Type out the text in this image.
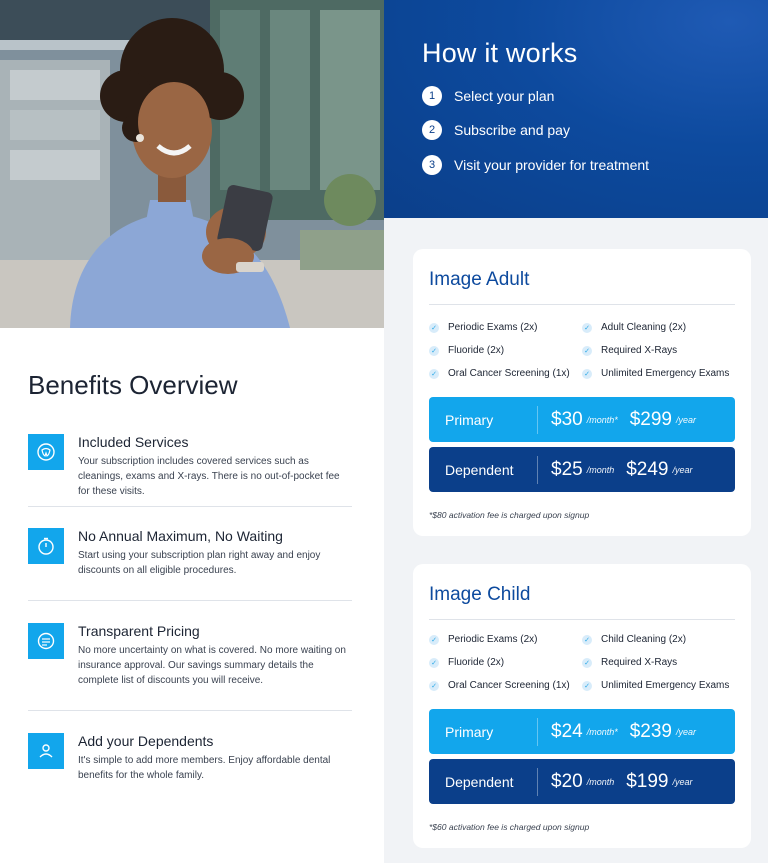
How it works
1	Select your plan
2	Subscribe and pay
3	Visit your provider for treatment
Benefits Overview
Included Services
Your subscription includes covered services such as cleanings, exams and X-rays. There is no out-of-pocket fee for these visits.
No Annual Maximum, No Waiting
Start using your subscription plan right away and enjoy discounts on all eligible procedures.
Transparent Pricing
No more uncertainty on what is covered. No more waiting on insurance approval. Our savings summary details the complete list of discounts you will receive.
Add your Dependents
It's simple to add more members. Enjoy affordable dental benefits for the whole family.
Image Adult
✓ Periodic Exams (2x)	✓ Adult Cleaning (2x)
✓ Fluoride (2x)	✓ Required X-Rays
✓ Oral Cancer Screening (1x) ✓ Unlimited Emergency Exams
Primary	$30 /month* $299 /year
Dependent	$25 /month $249 /year
*$80 activation fee is charged upon signup
Image Child
✓ Periodic Exams (2x)	✓ Child Cleaning (2x)
✓ Fluoride (2x)	✓ Required X-Rays
✓ Oral Cancer Screening (1x) ✓ Unlimited Emergency Exams
Primary	$24 /month* $239 /year
Dependent	$20 /month $199 /year
*$60 activation fee is charged upon signup
